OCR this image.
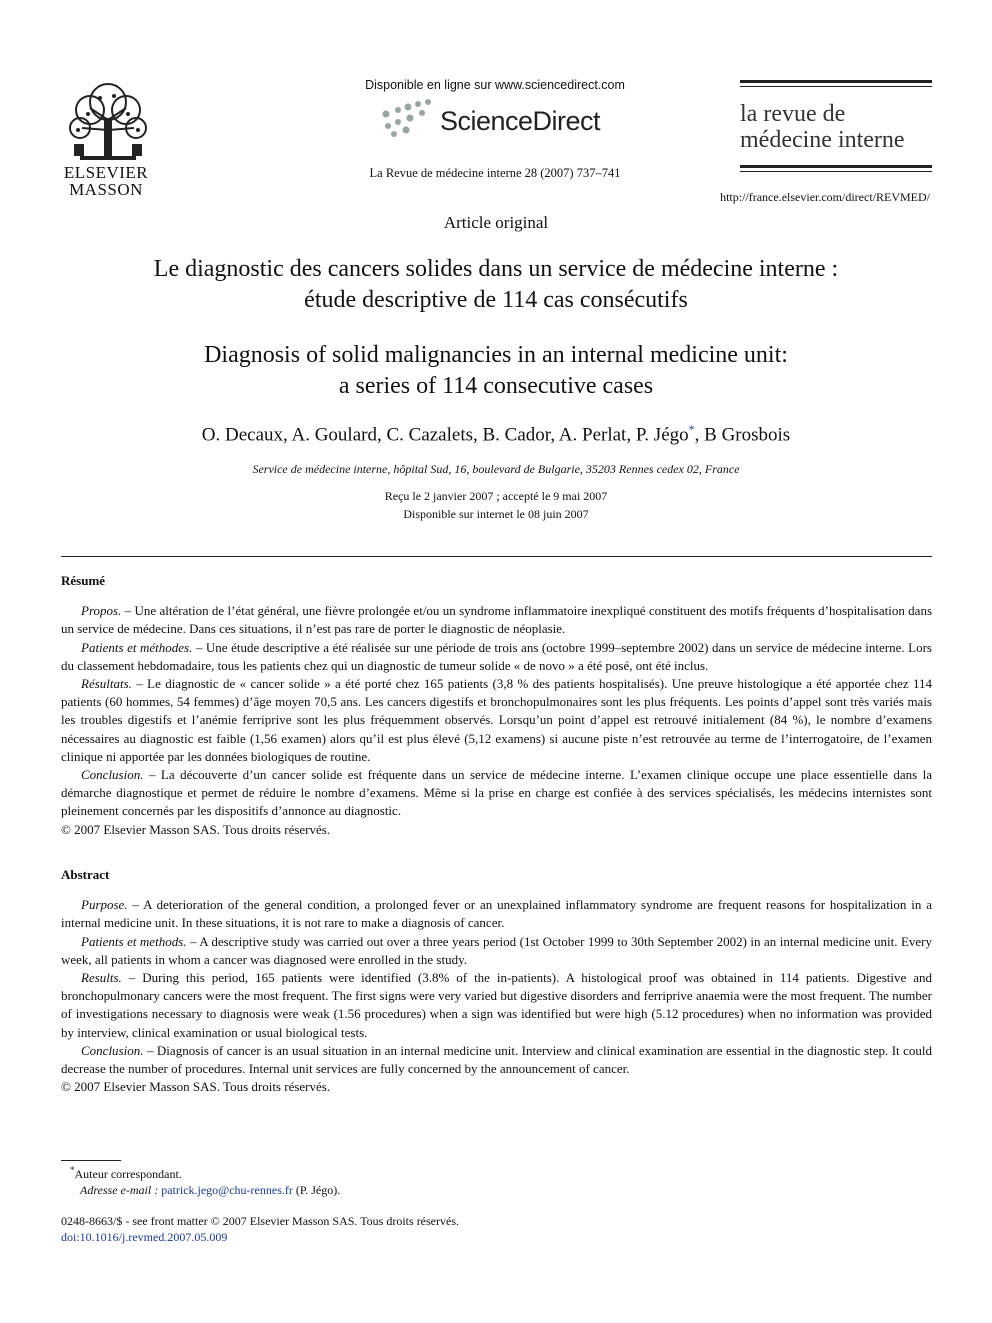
ELSEVIER
MASSON
Disponible en ligne sur www.sciencedirect.com
ScienceDirect
La Revue de médecine interne 28 (2007) 737–741
la revue de
médecine interne
http://france.elsevier.com/direct/REVMED/
Article original
Le diagnostic des cancers solides dans un service de médecine interne :
étude descriptive de 114 cas consécutifs
Diagnosis of solid malignancies in an internal medicine unit:
a series of 114 consecutive cases
O. Decaux, A. Goulard, C. Cazalets, B. Cador, A. Perlat, P. Jégo*, B Grosbois
Service de médecine interne, hôpital Sud, 16, boulevard de Bulgarie, 35203 Rennes cedex 02, France
Reçu le 2 janvier 2007 ; accepté le 9 mai 2007
Disponible sur internet le 08 juin 2007
Résumé

Propos. – Une altération de l’état général, une fièvre prolongée et/ou un syndrome inflammatoire inexpliqué constituent des motifs fréquents d’hospitalisation dans un service de médecine. Dans ces situations, il n’est pas rare de porter le diagnostic de néoplasie.

Patients et méthodes. – Une étude descriptive a été réalisée sur une période de trois ans (octobre 1999–septembre 2002) dans un service de médecine interne. Lors du classement hebdomadaire, tous les patients chez qui un diagnostic de tumeur solide « de novo » a été posé, ont été inclus.

Résultats. – Le diagnostic de « cancer solide » a été porté chez 165 patients (3,8 % des patients hospitalisés). Une preuve histologique a été apportée chez 114 patients (60 hommes, 54 femmes) d’âge moyen 70,5 ans. Les cancers digestifs et bronchopulmonaires sont les plus fréquents. Les points d’appel sont très variés mais les troubles digestifs et l’anémie ferriprive sont les plus fréquemment observés. Lorsqu’un point d’appel est retrouvé initialement (84 %), le nombre d’examens nécessaires au diagnostic est faible (1,56 examen) alors qu’il est plus élevé (5,12 examens) si aucune piste n’est retrouvée au terme de l’interrogatoire, de l’examen clinique ni apportée par les données biologiques de routine.

Conclusion. – La découverte d’un cancer solide est fréquente dans un service de médecine interne. L’examen clinique occupe une place essentielle dans la démarche diagnostique et permet de réduire le nombre d’examens. Même si la prise en charge est confiée à des services spécialisés, les médecins internistes sont pleinement concernés par les dispositifs d’annonce au diagnostic.

© 2007 Elsevier Masson SAS. Tous droits réservés.

Abstract

Purpose. – A deterioration of the general condition, a prolonged fever or an unexplained inflammatory syndrome are frequent reasons for hospitalization in a internal medicine unit. In these situations, it is not rare to make a diagnosis of cancer.

Patients et methods. – A descriptive study was carried out over a three years period (1st October 1999 to 30th September 2002) in an internal medicine unit. Every week, all patients in whom a cancer was diagnosed were enrolled in the study.

Results. – During this period, 165 patients were identified (3.8% of the in-patients). A histological proof was obtained in 114 patients. Digestive and bronchopulmonary cancers were the most frequent. The first signs were very varied but digestive disorders and ferriprive anaemia were the most frequent. The number of investigations necessary to diagnosis were weak (1.56 procedures) when a sign was identified but were high (5.12 procedures) when no information was provided by interview, clinical examination or usual biological tests.

Conclusion. – Diagnosis of cancer is an usual situation in an internal medicine unit. Interview and clinical examination are essential in the diagnostic step. It could decrease the number of procedures. Internal unit services are fully concerned by the announcement of cancer.

© 2007 Elsevier Masson SAS. Tous droits réservés.

*Auteur correspondant.
Adresse e-mail : patrick.jego@chu-rennes.fr (P. Jégo).
0248-8663/$ - see front matter © 2007 Elsevier Masson SAS. Tous droits réservés.
doi:10.1016/j.revmed.2007.05.009
